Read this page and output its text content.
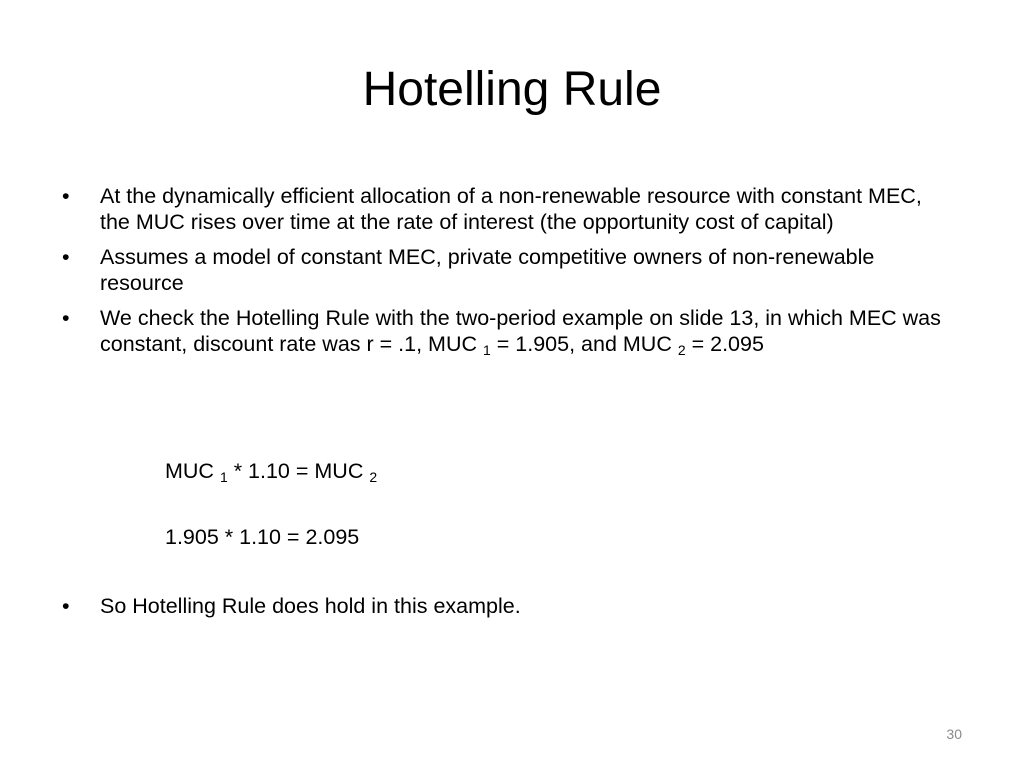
Hotelling Rule
•	At the dynamically efficient allocation of a non-renewable resource with constant MEC, the MUC rises over time at the rate of interest (the opportunity cost of capital)
•	Assumes a model of constant MEC, private competitive owners of non-renewable resource
•	We check the Hotelling Rule with the two-period example on slide 13, in which MEC was constant, discount rate was r = .1, MUC $_1$ = 1.905, and MUC $_2$ = 2.095
MUC $_1$ * 1.10 = MUC $_2$
1.905 * 1.10 = 2.095
•	So Hotelling Rule does hold in this example.
30
